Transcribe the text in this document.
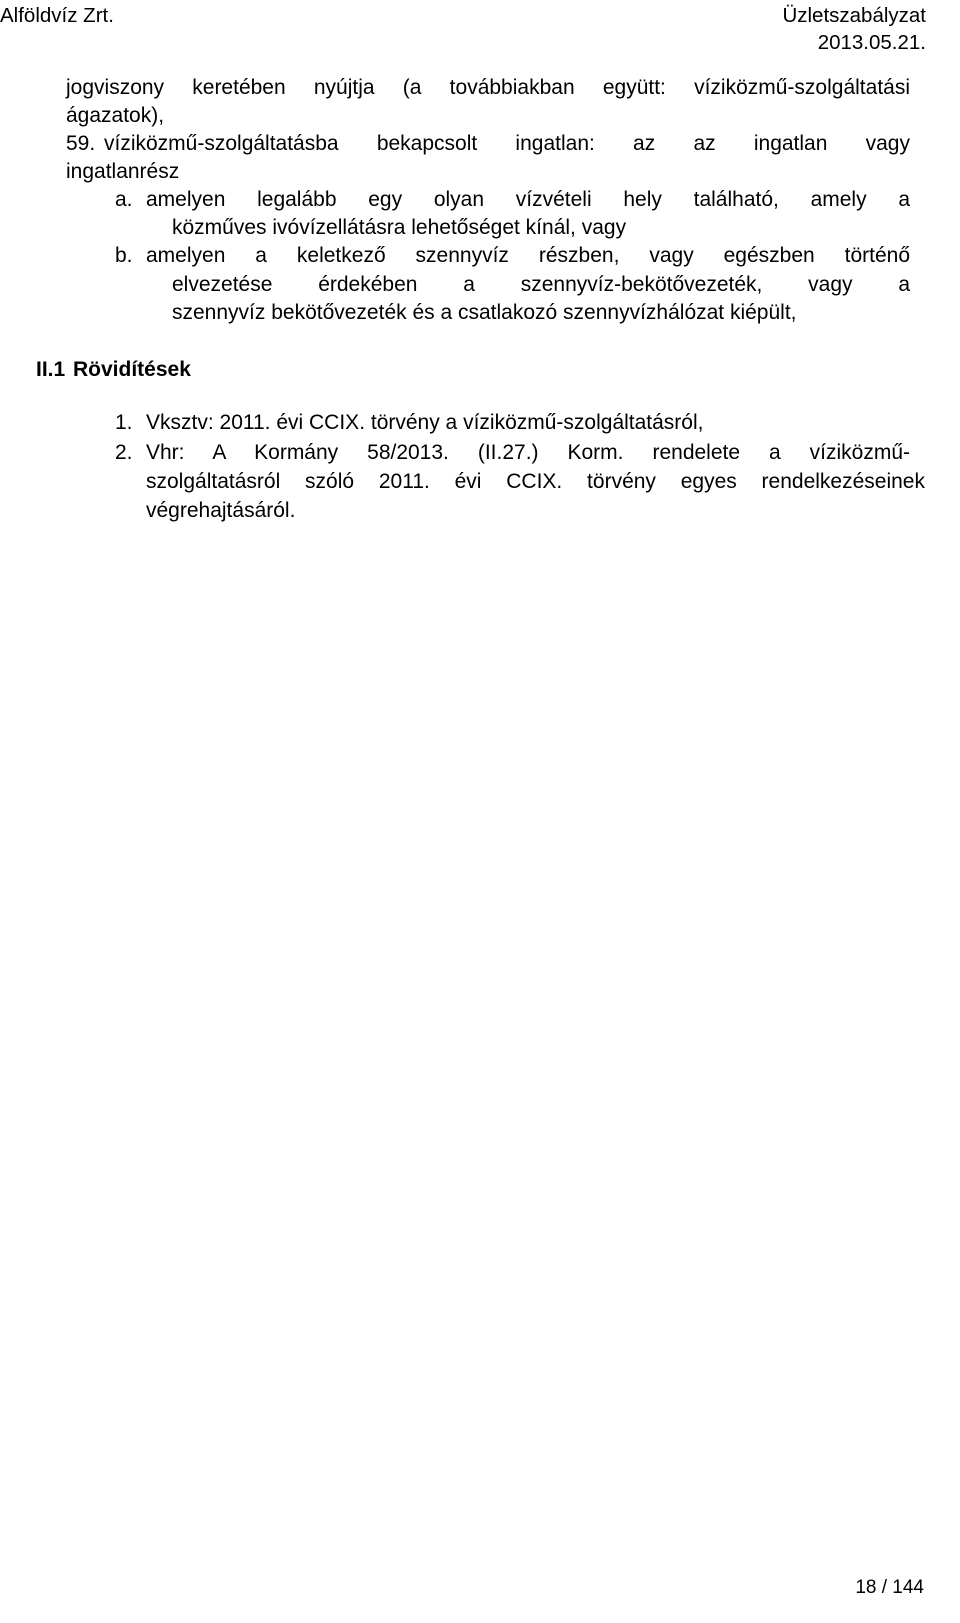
Alföldvíz Zrt.	Üzletszabályzat
2013.05.21.
jogviszony keretében nyújtja (a továbbiakban együtt: víziközmű-szolgáltatási
ágazatok),
59. víziközmű-szolgáltatásba bekapcsolt ingatlan: az az ingatlan vagy
ingatlanrész
a. amelyen legalább egy olyan vízvételi hely található, amely a
közműves ivóvízellátásra lehetőséget kínál, vagy
b. amelyen a keletkező szennyvíz részben, vagy egészben történő
elvezetése érdekében a szennyvíz-bekötővezeték, vagy a
szennyvíz bekötővezeték és a csatlakozó szennyvízhálózat kiépült,
II.1 Rövidítések
1. Vksztv: 2011. évi CCIX. törvény a víziközmű-szolgáltatásról,
2. Vhr: A Kormány 58/2013. (II.27.) Korm. rendelete a víziközmű-
szolgáltatásról szóló 2011. évi CCIX. törvény egyes rendelkezéseinek
végrehajtásáról.
18 / 144
